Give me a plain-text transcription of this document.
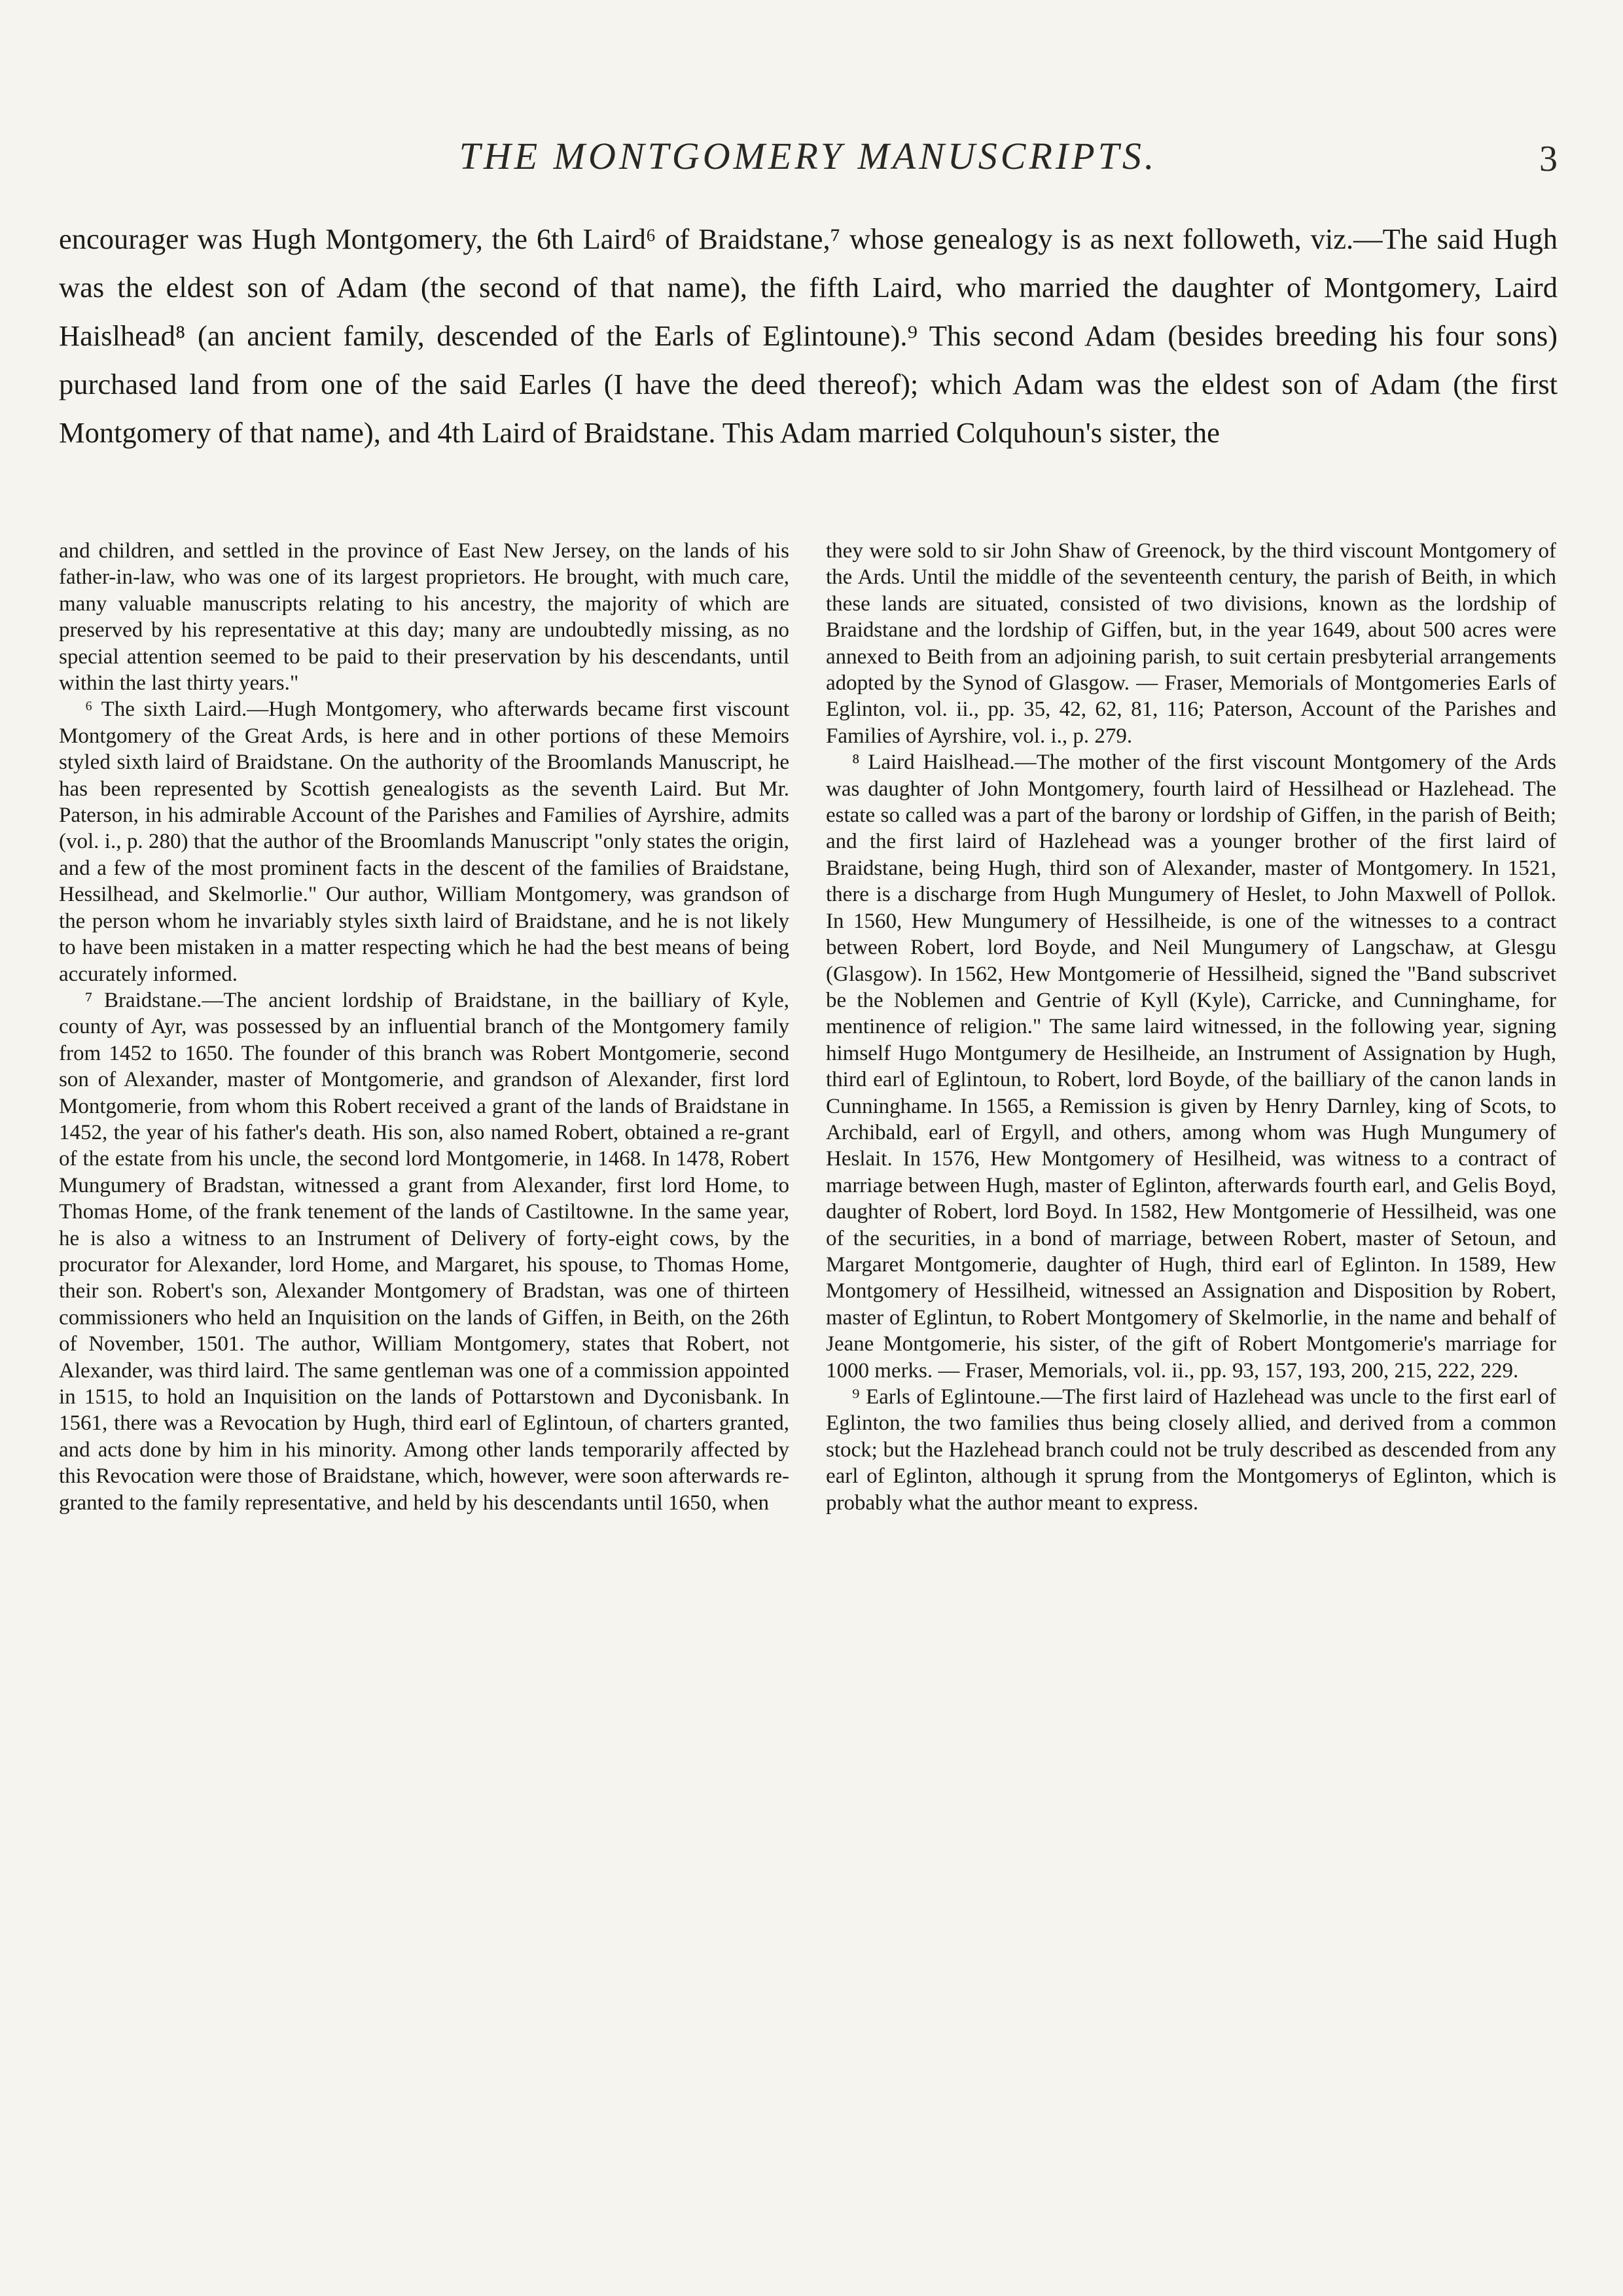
THE MONTGOMERY MANUSCRIPTS.	3

encourager was Hugh Montgomery, the 6th Laird⁶ of Braidstane,⁷ whose genealogy is as next followeth, viz.—The said Hugh was the eldest son of Adam (the second of that name), the fifth Laird, who married the daughter of Montgomery, Laird Haislhead⁸ (an ancient family, descended of the Earls of Eglintoune).⁹ This second Adam (besides breeding his four sons) purchased land from one of the said Earles (I have the deed thereof); which Adam was the eldest son of Adam (the first Montgomery of that name), and 4th Laird of Braidstane. This Adam married Colquhoun's sister, the

and children, and settled in the province of East New Jersey, on the lands of his father-in-law, who was one of its largest proprietors. He brought, with much care, many valuable manuscripts relating to his ancestry, the majority of which are preserved by his representative at this day; many are undoubtedly missing, as no special attention seemed to be paid to their preservation by his descendants, until within the last thirty years."

⁶ The sixth Laird.—Hugh Montgomery, who afterwards became first viscount Montgomery of the Great Ards, is here and in other portions of these Memoirs styled sixth laird of Braidstane. On the authority of the Broomlands Manuscript, he has been represented by Scottish genealogists as the seventh Laird. But Mr. Paterson, in his admirable Account of the Parishes and Families of Ayrshire, admits (vol. i., p. 280) that the author of the Broomlands Manuscript "only states the origin, and a few of the most prominent facts in the descent of the families of Braidstane, Hessilhead, and Skelmorlie." Our author, William Montgomery, was grandson of the person whom he invariably styles sixth laird of Braidstane, and he is not likely to have been mistaken in a matter respecting which he had the best means of being accurately informed.

⁷ Braidstane.—The ancient lordship of Braidstane, in the bailliary of Kyle, county of Ayr, was possessed by an influential branch of the Montgomery family from 1452 to 1650. The founder of this branch was Robert Montgomerie, second son of Alexander, master of Montgomerie, and grandson of Alexander, first lord Montgomerie, from whom this Robert received a grant of the lands of Braidstane in 1452, the year of his father's death. His son, also named Robert, obtained a re-grant of the estate from his uncle, the second lord Montgomerie, in 1468. In 1478, Robert Mungumery of Bradstan, witnessed a grant from Alexander, first lord Home, to Thomas Home, of the frank tenement of the lands of Castiltowne. In the same year, he is also a witness to an Instrument of Delivery of forty-eight cows, by the procurator for Alexander, lord Home, and Margaret, his spouse, to Thomas Home, their son. Robert's son, Alexander Montgomery of Bradstan, was one of thirteen commissioners who held an Inquisition on the lands of Giffen, in Beith, on the 26th of November, 1501. The author, William Montgomery, states that Robert, not Alexander, was third laird. The same gentleman was one of a commission appointed in 1515, to hold an Inquisition on the lands of Pottarstown and Dyconisbank. In 1561, there was a Revocation by Hugh, third earl of Eglintoun, of charters granted, and acts done by him in his minority. Among other lands temporarily affected by this Revocation were those of Braidstane, which, however, were soon afterwards re-granted to the family representative, and held by his descendants until 1650, when

they were sold to sir John Shaw of Greenock, by the third viscount Montgomery of the Ards. Until the middle of the seventeenth century, the parish of Beith, in which these lands are situated, consisted of two divisions, known as the lordship of Braidstane and the lordship of Giffen, but, in the year 1649, about 500 acres were annexed to Beith from an adjoining parish, to suit certain presbyterial arrangements adopted by the Synod of Glasgow. — Fraser, Memorials of Montgomeries Earls of Eglinton, vol. ii., pp. 35, 42, 62, 81, 116; Paterson, Account of the Parishes and Families of Ayrshire, vol. i., p. 279.

⁸ Laird Haislhead.—The mother of the first viscount Montgomery of the Ards was daughter of John Montgomery, fourth laird of Hessilhead or Hazlehead. The estate so called was a part of the barony or lordship of Giffen, in the parish of Beith; and the first laird of Hazlehead was a younger brother of the first laird of Braidstane, being Hugh, third son of Alexander, master of Montgomery. In 1521, there is a discharge from Hugh Mungumery of Heslet, to John Maxwell of Pollok. In 1560, Hew Mungumery of Hessilheide, is one of the witnesses to a contract between Robert, lord Boyde, and Neil Mungumery of Langschaw, at Glesgu (Glasgow). In 1562, Hew Montgomerie of Hessilheid, signed the "Band subscrivet be the Noblemen and Gentrie of Kyll (Kyle), Carricke, and Cunninghame, for mentinence of religion." The same laird witnessed, in the following year, signing himself Hugo Montgumery de Hesilheide, an Instrument of Assignation by Hugh, third earl of Eglintoun, to Robert, lord Boyde, of the bailliary of the canon lands in Cunninghame. In 1565, a Remission is given by Henry Darnley, king of Scots, to Archibald, earl of Ergyll, and others, among whom was Hugh Mungumery of Heslait. In 1576, Hew Montgomery of Hesilheid, was witness to a contract of marriage between Hugh, master of Eglinton, afterwards fourth earl, and Gelis Boyd, daughter of Robert, lord Boyd. In 1582, Hew Montgomerie of Hessilheid, was one of the securities, in a bond of marriage, between Robert, master of Setoun, and Margaret Montgomerie, daughter of Hugh, third earl of Eglinton. In 1589, Hew Montgomery of Hessilheid, witnessed an Assignation and Disposition by Robert, master of Eglintun, to Robert Montgomery of Skelmorlie, in the name and behalf of Jeane Montgomerie, his sister, of the gift of Robert Montgomerie's marriage for 1000 merks. — Fraser, Memorials, vol. ii., pp. 93, 157, 193, 200, 215, 222, 229.

⁹ Earls of Eglintoune.—The first laird of Hazlehead was uncle to the first earl of Eglinton, the two families thus being closely allied, and derived from a common stock; but the Hazlehead branch could not be truly described as descended from any earl of Eglinton, although it sprung from the Montgomerys of Eglinton, which is probably what the author meant to express.
